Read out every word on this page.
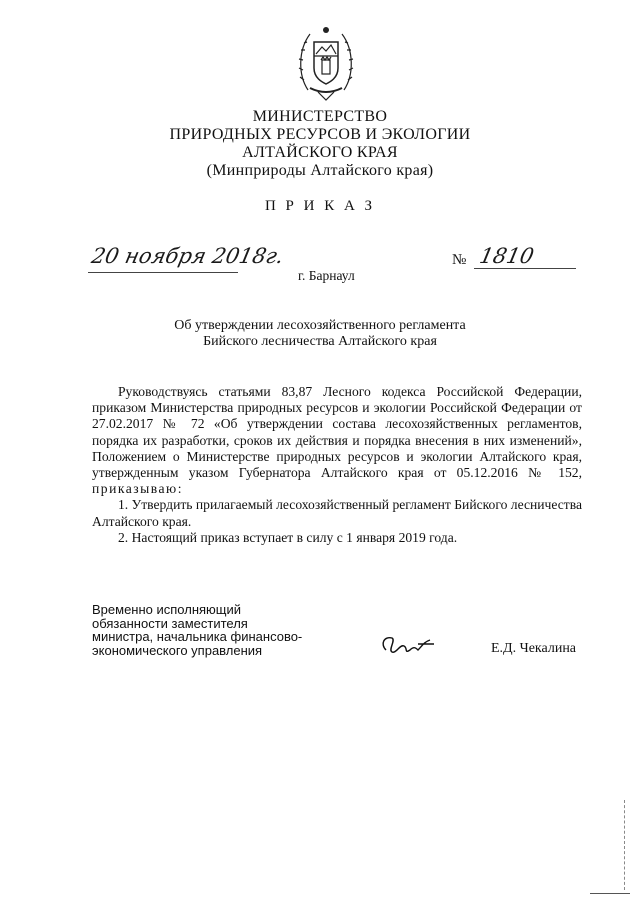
МИНИСТЕРСТВО
ПРИРОДНЫХ РЕСУРСОВ И ЭКОЛОГИИ
АЛТАЙСКОГО КРАЯ
(Минприроды Алтайского края)
П Р И К А З
20 ноября 2018г.	№ 1810
г. Барнаул
Об утверждении лесохозяйственного регламента
Бийского лесничества Алтайского края

Руководствуясь статьями 83,87 Лесного кодекса Российской Федерации, приказом Министерства природных ресурсов и экологии Российской Федерации от 27.02.2017 № 72 «Об утверждении состава лесохозяйственных регламентов, порядка их разработки, сроков их действия и порядка внесения в них изменений», Положением о Министерстве природных ресурсов и экологии Алтайского края, утвержденным указом Губернатора Алтайского края от 05.12.2016 № 152, приказываю:

1. Утвердить прилагаемый лесохозяйственный регламент Бийского лесничества Алтайского края.

2. Настоящий приказ вступает в силу с 1 января 2019 года.

Временно исполняющий
обязанности заместителя
министра, начальника финансово-
экономического управления	Е.Д. Чекалина
